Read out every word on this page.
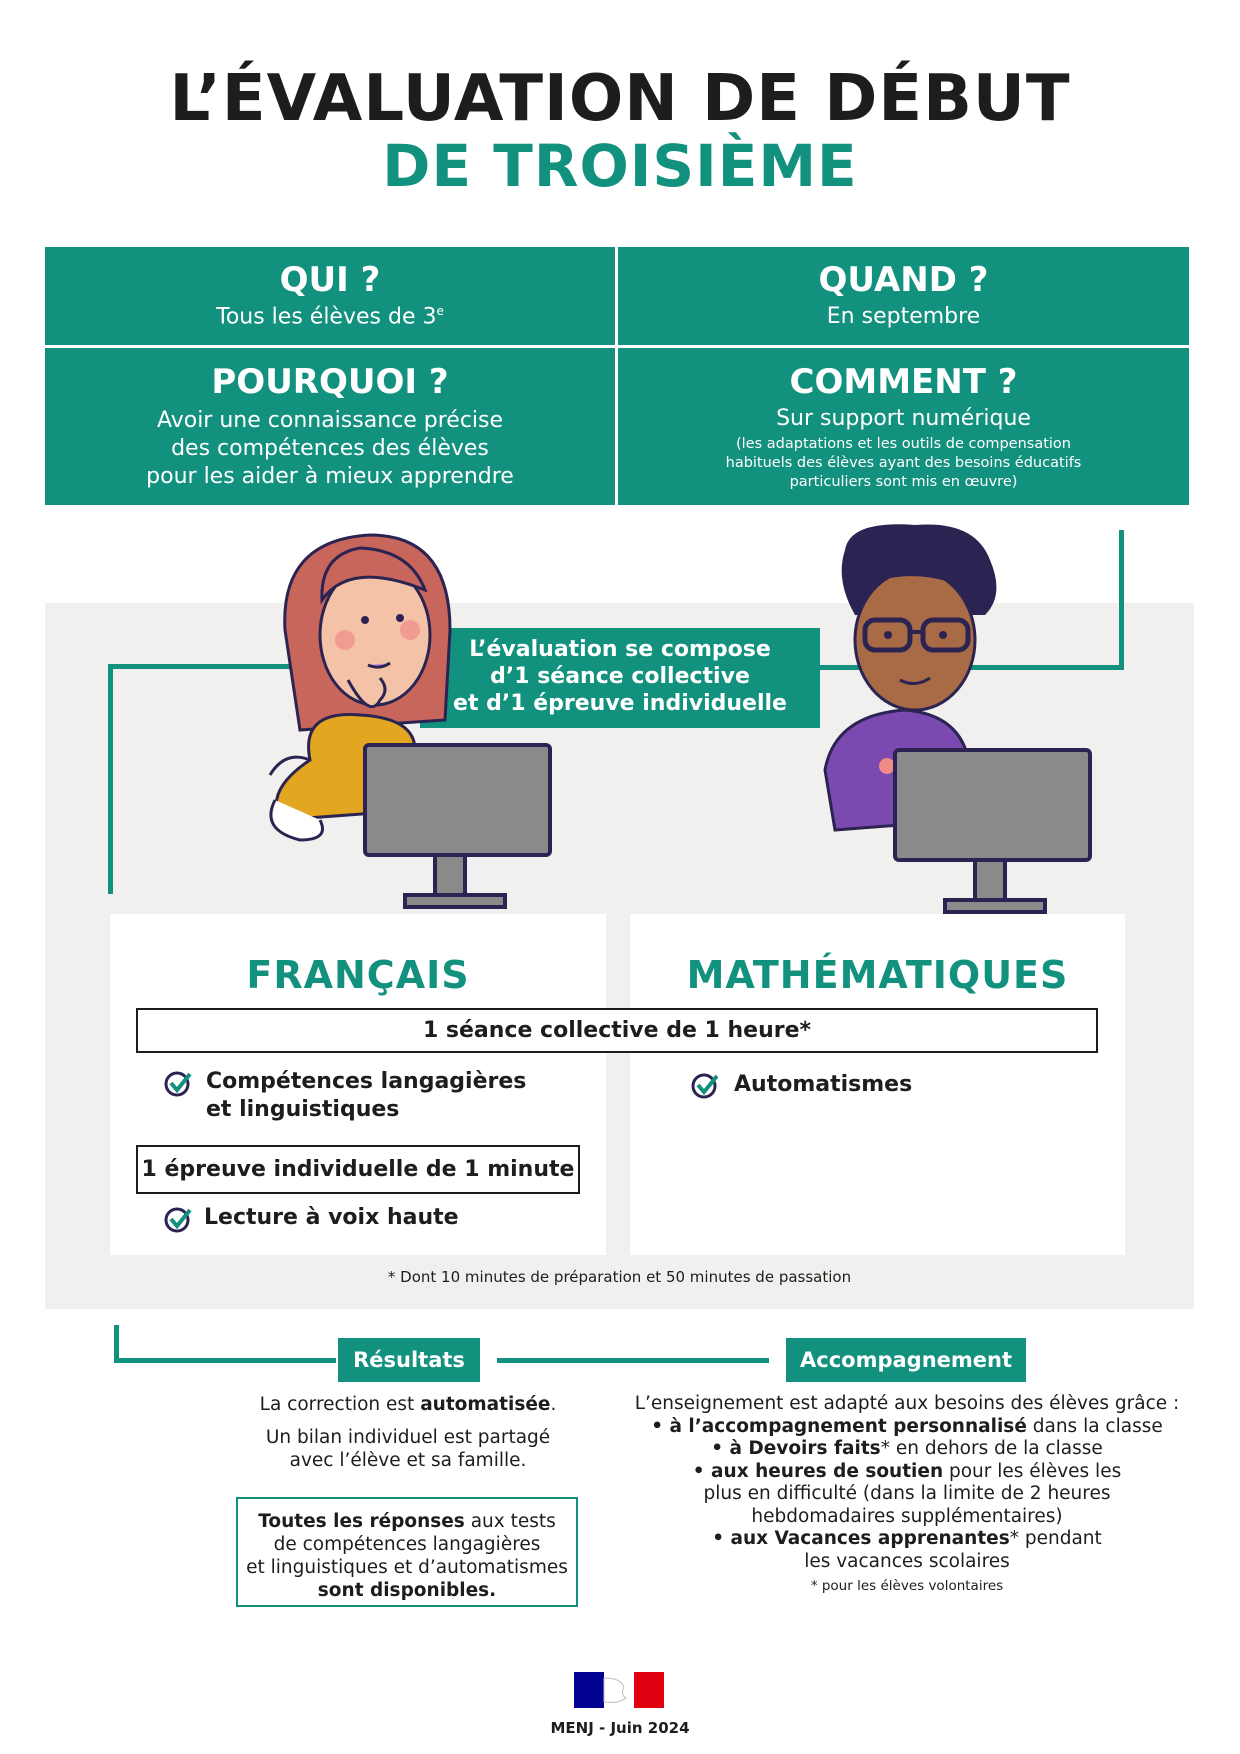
L’ÉVALUATION DE DÉBUT
DE TROISIÈME
QUI ?
Tous les élèves de 3e
QUAND ?
En septembre
POURQUOI ?
Avoir une connaissance précise
des compétences des élèves
pour les aider à mieux apprendre
COMMENT ?
Sur support numérique
(les adaptations et les outils de compensation
habituels des élèves ayant des besoins éducatifs
particuliers sont mis en œuvre)
L’évaluation se compose
d’1 séance collective
et d’1 épreuve individuelle
FRANÇAIS	MATHÉMATIQUES
1 séance collective de 1 heure*
Compétences langagières
et linguistiques
1 épreuve individuelle de 1 minute
Lecture à voix haute
Automatismes
* Dont 10 minutes de préparation et 50 minutes de passation
Résultats	Accompagnement
La correction est automatisée.
Un bilan individuel est partagé
avec l’élève et sa famille.
Toutes les réponses aux tests
de compétences langagières
et linguistiques et d’automatismes
sont disponibles.
L’enseignement est adapté aux besoins des élèves grâce :
• à l’accompagnement personnalisé dans la classe
• à Devoirs faits* en dehors de la classe
• aux heures de soutien pour les élèves les
plus en difficulté (dans la limite de 2 heures
hebdomadaires supplémentaires)
• aux Vacances apprenantes* pendant
les vacances scolaires
* pour les élèves volontaires
MENJ - Juin 2024
